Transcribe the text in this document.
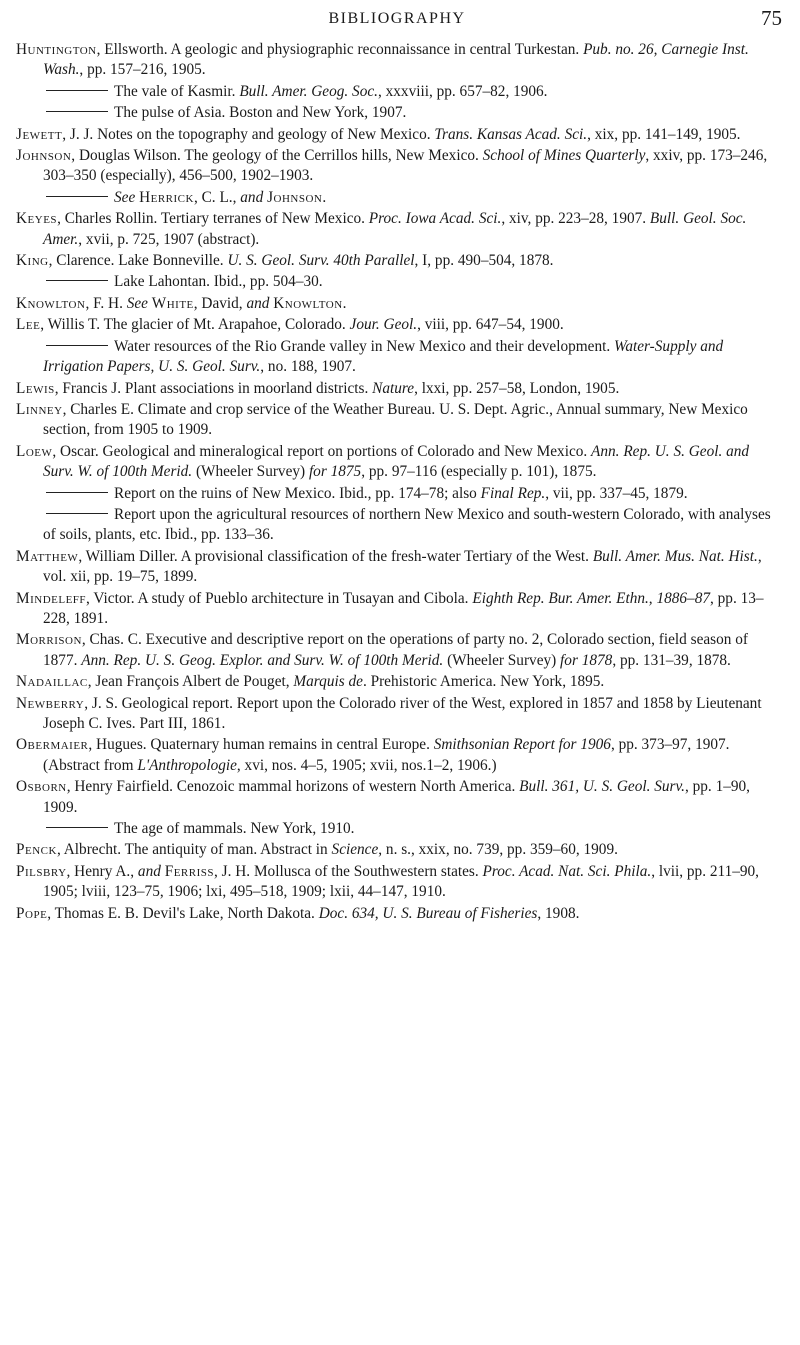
BIBLIOGRAPHY	75

Huntington, Ellsworth. A geologic and physiographic reconnaissance in central Turkestan. Pub. no. 26, Carnegie Inst. Wash., pp. 157–216, 1905.

The vale of Kasmir. Bull. Amer. Geog. Soc., xxxviii, pp. 657–82, 1906.

The pulse of Asia. Boston and New York, 1907.

Jewett, J. J. Notes on the topography and geology of New Mexico. Trans. Kansas Acad. Sci., xix, pp. 141–149, 1905.

Johnson, Douglas Wilson. The geology of the Cerrillos hills, New Mexico. School of Mines Quarterly, xxiv, pp. 173–246, 303–350 (especially), 456–500, 1902–1903.

See Herrick, C. L., and Johnson.

Keyes, Charles Rollin. Tertiary terranes of New Mexico. Proc. Iowa Acad. Sci., xiv, pp. 223–28, 1907. Bull. Geol. Soc. Amer., xvii, p. 725, 1907 (abstract).

King, Clarence. Lake Bonneville. U. S. Geol. Surv. 40th Parallel, I, pp. 490–504, 1878.

Lake Lahontan. Ibid., pp. 504–30.

Knowlton, F. H. See White, David, and Knowlton.

Lee, Willis T. The glacier of Mt. Arapahoe, Colorado. Jour. Geol., viii, pp. 647–54, 1900.

Water resources of the Rio Grande valley in New Mexico and their development. Water-Supply and Irrigation Papers, U. S. Geol. Surv., no. 188, 1907.

Lewis, Francis J. Plant associations in moorland districts. Nature, lxxi, pp. 257–58, London, 1905.

Linney, Charles E. Climate and crop service of the Weather Bureau. U. S. Dept. Agric., Annual summary, New Mexico section, from 1905 to 1909.

Loew, Oscar. Geological and mineralogical report on portions of Colorado and New Mexico. Ann. Rep. U. S. Geol. and Surv. W. of 100th Merid. (Wheeler Survey) for 1875, pp. 97–116 (especially p. 101), 1875.

Report on the ruins of New Mexico. Ibid., pp. 174–78; also Final Rep., vii, pp. 337–45, 1879.

Report upon the agricultural resources of northern New Mexico and south-western Colorado, with analyses of soils, plants, etc. Ibid., pp. 133–36.

Matthew, William Diller. A provisional classification of the fresh-water Tertiary of the West. Bull. Amer. Mus. Nat. Hist., vol. xii, pp. 19–75, 1899.

Mindeleff, Victor. A study of Pueblo architecture in Tusayan and Cibola. Eighth Rep. Bur. Amer. Ethn., 1886–87, pp. 13–228, 1891.

Morrison, Chas. C. Executive and descriptive report on the operations of party no. 2, Colorado section, field season of 1877. Ann. Rep. U. S. Geog. Explor. and Surv. W. of 100th Merid. (Wheeler Survey) for 1878, pp. 131–39, 1878.

Nadaillac, Jean François Albert de Pouget, Marquis de. Prehistoric America. New York, 1895.

Newberry, J. S. Geological report. Report upon the Colorado river of the West, explored in 1857 and 1858 by Lieutenant Joseph C. Ives. Part III, 1861.

Obermaier, Hugues. Quaternary human remains in central Europe. Smithsonian Report for 1906, pp. 373–97, 1907. (Abstract from L'Anthropologie, xvi, nos. 4–5, 1905; xvii, nos.1–2, 1906.)

Osborn, Henry Fairfield. Cenozoic mammal horizons of western North America. Bull. 361, U. S. Geol. Surv., pp. 1–90, 1909.

The age of mammals. New York, 1910.

Penck, Albrecht. The antiquity of man. Abstract in Science, n. s., xxix, no. 739, pp. 359–60, 1909.

Pilsbry, Henry A., and Ferriss, J. H. Mollusca of the Southwestern states. Proc. Acad. Nat. Sci. Phila., lvii, pp. 211–90, 1905; lviii, 123–75, 1906; lxi, 495–518, 1909; lxii, 44–147, 1910.

Pope, Thomas E. B. Devil's Lake, North Dakota. Doc. 634, U. S. Bureau of Fisheries, 1908.
